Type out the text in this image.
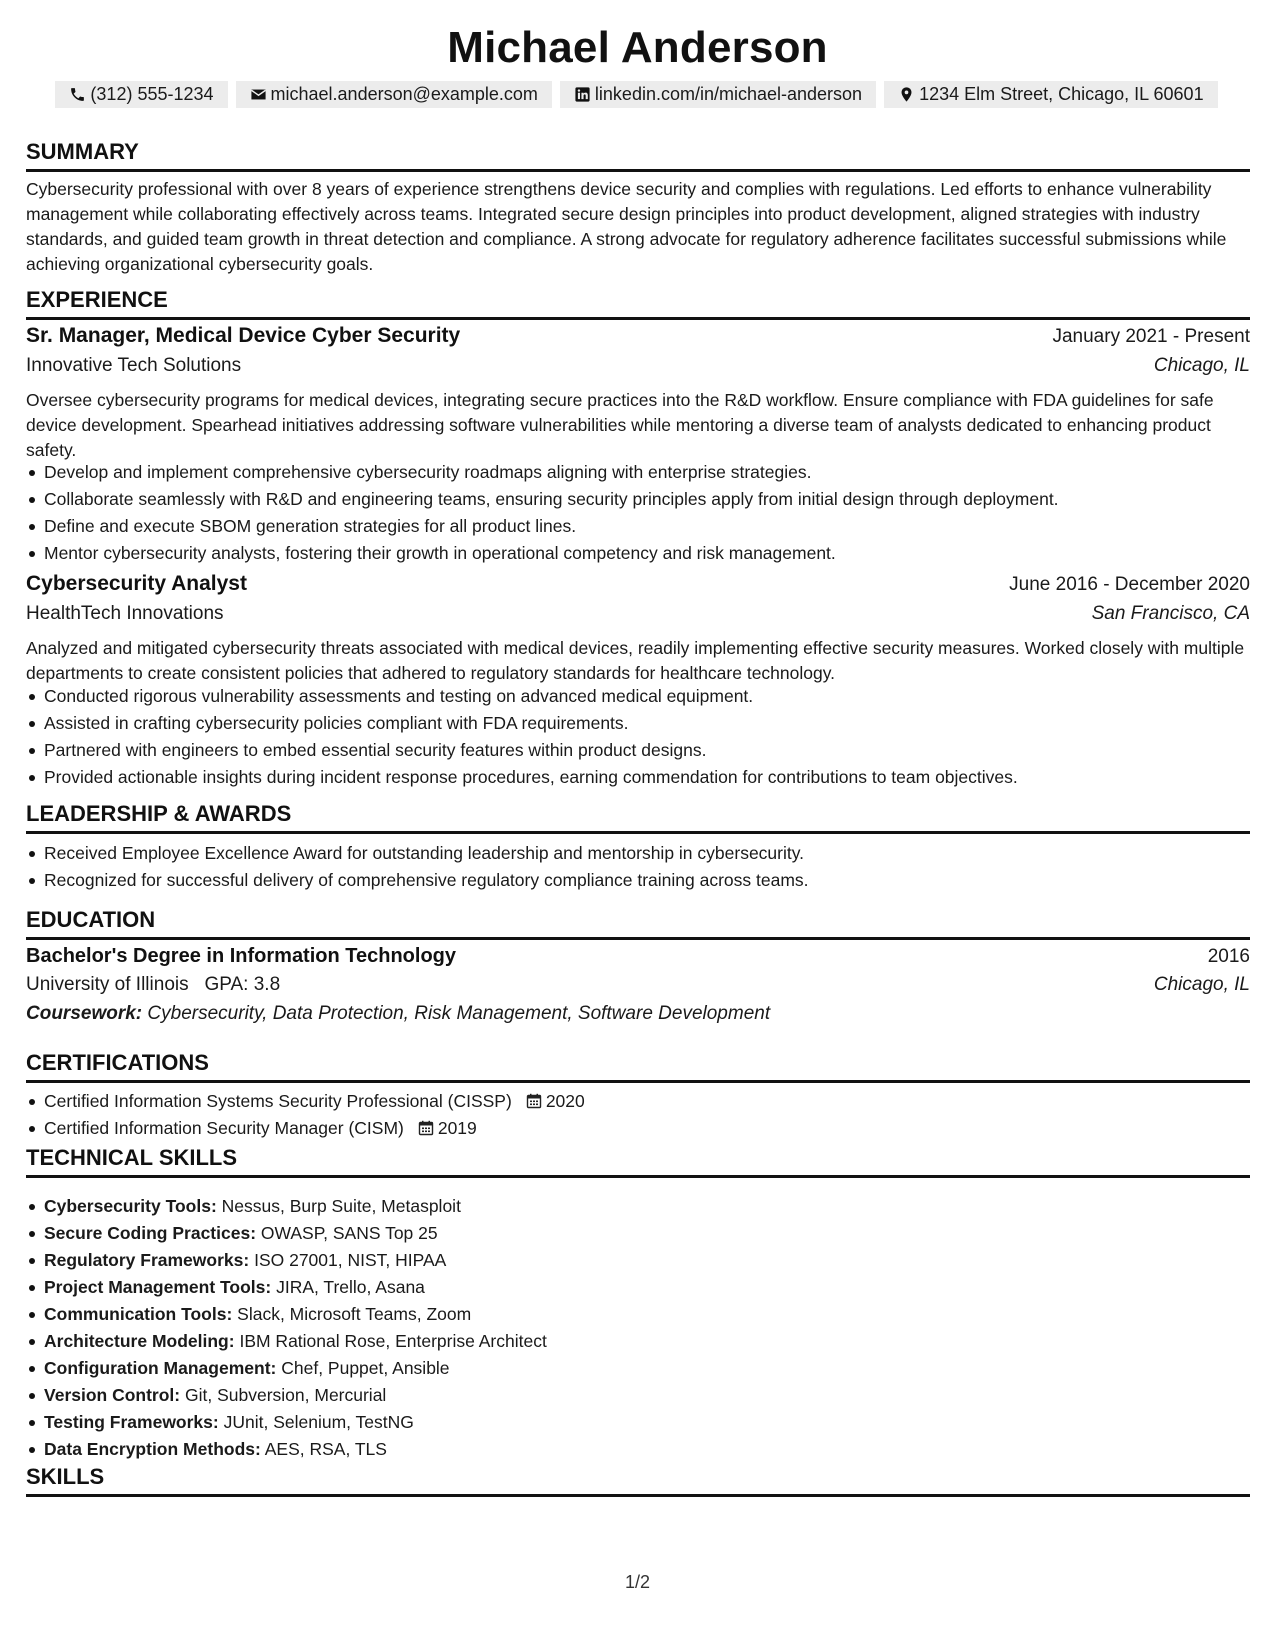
Michael Anderson
(312) 555-1234	michael.anderson@example.com	linkedin.com/in/michael-anderson	1234 Elm Street, Chicago, IL 60601
SUMMARY
Cybersecurity professional with over 8 years of experience strengthens device security and complies with regulations. Led efforts to enhance vulnerability management while collaborating effectively across teams. Integrated secure design principles into product development, aligned strategies with industry standards, and guided team growth in threat detection and compliance. A strong advocate for regulatory adherence facilitates successful submissions while achieving organizational cybersecurity goals.
EXPERIENCE
Sr. Manager, Medical Device Cyber Security	January 2021 - Present
Innovative Tech Solutions	Chicago, IL
Oversee cybersecurity programs for medical devices, integrating secure practices into the R&D workflow. Ensure compliance with FDA guidelines for safe device development. Spearhead initiatives addressing software vulnerabilities while mentoring a diverse team of analysts dedicated to enhancing product safety.
Develop and implement comprehensive cybersecurity roadmaps aligning with enterprise strategies.
Collaborate seamlessly with R&D and engineering teams, ensuring security principles apply from initial design through deployment.
Define and execute SBOM generation strategies for all product lines.
Mentor cybersecurity analysts, fostering their growth in operational competency and risk management.
Cybersecurity Analyst	June 2016 - December 2020
HealthTech Innovations	San Francisco, CA
Analyzed and mitigated cybersecurity threats associated with medical devices, readily implementing effective security measures. Worked closely with multiple departments to create consistent policies that adhered to regulatory standards for healthcare technology.
Conducted rigorous vulnerability assessments and testing on advanced medical equipment.
Assisted in crafting cybersecurity policies compliant with FDA requirements.
Partnered with engineers to embed essential security features within product designs.
Provided actionable insights during incident response procedures, earning commendation for contributions to team objectives.
LEADERSHIP & AWARDS
Received Employee Excellence Award for outstanding leadership and mentorship in cybersecurity.
Recognized for successful delivery of comprehensive regulatory compliance training across teams.
EDUCATION
Bachelor's Degree in Information Technology	2016
University of Illinois GPA: 3.8	Chicago, IL
Coursework: Cybersecurity, Data Protection, Risk Management, Software Development
CERTIFICATIONS
Certified Information Systems Security Professional (CISSP) 2020
Certified Information Security Manager (CISM) 2019
TECHNICAL SKILLS
Cybersecurity Tools: Nessus, Burp Suite, Metasploit
Secure Coding Practices: OWASP, SANS Top 25
Regulatory Frameworks: ISO 27001, NIST, HIPAA
Project Management Tools: JIRA, Trello, Asana
Communication Tools: Slack, Microsoft Teams, Zoom
Architecture Modeling: IBM Rational Rose, Enterprise Architect
Configuration Management: Chef, Puppet, Ansible
Version Control: Git, Subversion, Mercurial
Testing Frameworks: JUnit, Selenium, TestNG
Data Encryption Methods: AES, RSA, TLS
SKILLS
1/2
